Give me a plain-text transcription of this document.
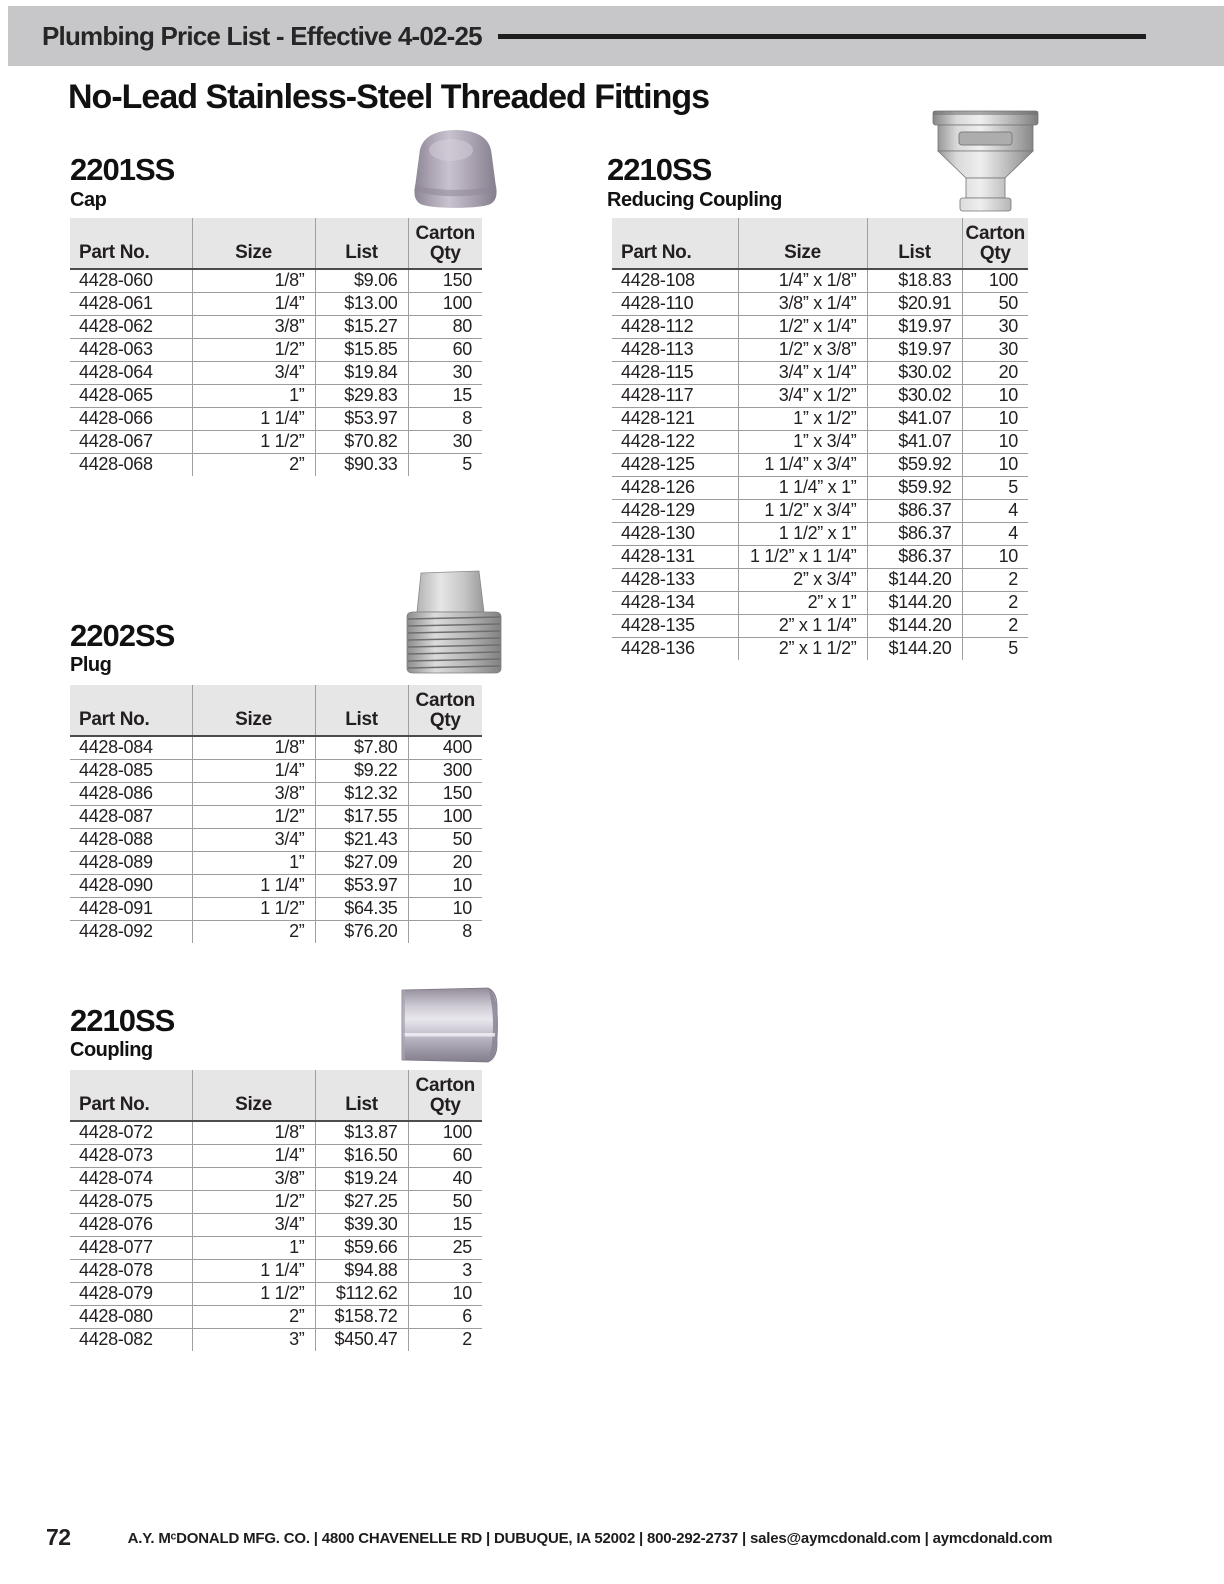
Plumbing Price List - Effective 4-02-25
No-Lead Stainless-Steel Threaded Fittings
2201SS
Cap
Part No.	Size	List	Carton
Qty

4428-060	1/8”	$9.06	150
4428-061	1/4”	$13.00	100
4428-062	3/8”	$15.27	80
4428-063	1/2”	$15.85	60
4428-064	3/4”	$19.84	30
4428-065	1”	$29.83	15
4428-066	1 1/4”	$53.97	8
4428-067	1 1/2”	$70.82	30
4428-068	2”	$90.33	5
2210SS
Reducing Coupling
Part No.	Size	List	Carton
Qty

4428-108	1/4” x 1/8”	$18.83	100
4428-110	3/8” x 1/4”	$20.91	50
4428-112	1/2” x 1/4”	$19.97	30
4428-113	1/2” x 3/8”	$19.97	30
4428-115	3/4” x 1/4”	$30.02	20
4428-117	3/4” x 1/2”	$30.02	10
4428-121	1” x 1/2”	$41.07	10
4428-122	1” x 3/4”	$41.07	10
4428-125	1 1/4” x 3/4”	$59.92	10
4428-126	1 1/4” x 1”	$59.92	5
4428-129	1 1/2” x 3/4”	$86.37	4
4428-130	1 1/2” x 1”	$86.37	4
4428-131	1 1/2” x 1 1/4”	$86.37	10
4428-133	2” x 3/4”	$144.20	2
4428-134	2” x 1”	$144.20	2
4428-135	2” x 1 1/4”	$144.20	2
4428-136	2” x 1 1/2”	$144.20	5
2202SS
Plug
Part No.	Size	List	Carton
Qty

4428-084	1/8”	$7.80	400
4428-085	1/4”	$9.22	300
4428-086	3/8”	$12.32	150
4428-087	1/2”	$17.55	100
4428-088	3/4”	$21.43	50
4428-089	1”	$27.09	20
4428-090	1 1/4”	$53.97	10
4428-091	1 1/2”	$64.35	10
4428-092	2”	$76.20	8
2210SS
Coupling
Part No.	Size	List	Carton
Qty

4428-072	1/8”	$13.87	100
4428-073	1/4”	$16.50	60
4428-074	3/8”	$19.24	40
4428-075	1/2”	$27.25	50
4428-076	3/4”	$39.30	15
4428-077	1”	$59.66	25
4428-078	1 1/4”	$94.88	3
4428-079	1 1/2”	$112.62	10
4428-080	2”	$158.72	6
4428-082	3”	$450.47	2
72	A.Y. MᶜDONALD MFG. CO. | 4800 CHAVENELLE RD | DUBUQUE, IA 52002 | 800-292-2737 | sales@aymcdonald.com | aymcdonald.com
